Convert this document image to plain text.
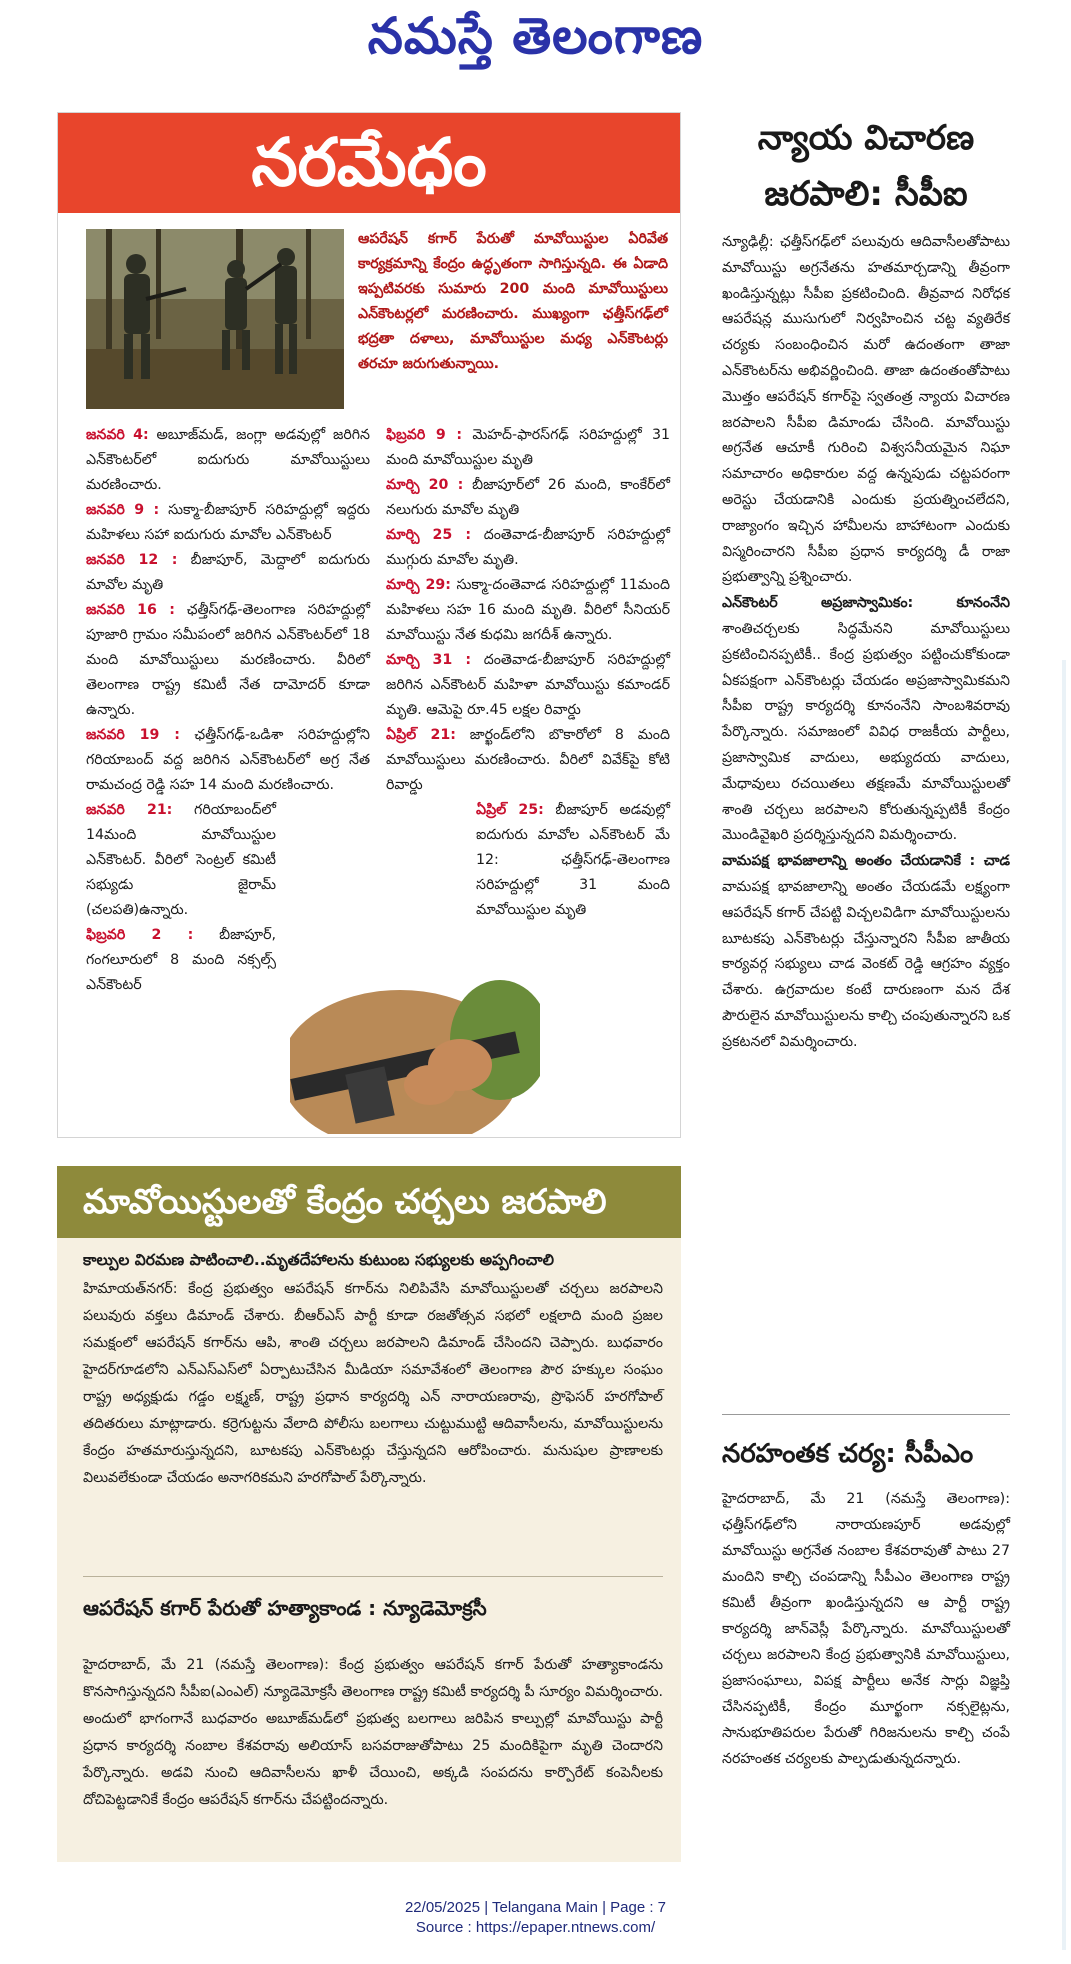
నమస్తే తెలంగాణ
నరమేధం
ఆపరేషన్ కగార్ పేరుతో మావోయిస్టుల ఏరివేత కార్యక్రమాన్ని కేంద్రం ఉద్ధృతంగా సాగిస్తున్నది. ఈ ఏడాది ఇప్పటివరకు సుమారు 200 మంది మావోయిస్టులు ఎన్‌కౌంటర్లలో మరణించారు. ముఖ్యంగా ఛత్తీస్‌గఢ్‌లో భద్రతా దళాలు, మావోయిస్టుల మధ్య ఎన్‌కౌంటర్లు తరచూ జరుగుతున్నాయి.

జనవరి 4: అబూజ్‌మడ్, జంగ్లా అడవుల్లో జరిగిన ఎన్‌కౌంటర్‌లో ఐదుగురు మావోయిస్టులు మరణించారు.

జనవరి 9 : సుక్మా-బీజాపూర్ సరిహద్దుల్లో ఇద్దరు మహిళలు సహా ఐదుగురు మావోల ఎన్‌కౌంటర్

జనవరి 12 : బీజాపూర్, మెద్దాలో ఐదుగురు మావోల మృతి

జనవరి 16 : ఛత్తీస్‌గఢ్-తెలంగాణ సరిహద్దుల్లో పూజారి గ్రామం సమీపంలో జరిగిన ఎన్‌కౌంటర్‌లో 18 మంది మావోయిస్టులు మరణించారు. వీరిలో తెలంగాణ రాష్ట్ర కమిటీ నేత దామోదర్ కూడా ఉన్నారు.

జనవరి 19 : ఛత్తీస్‌గఢ్-ఒడిశా సరిహద్దుల్లోని గరియాబంద్ వద్ద జరిగిన ఎన్‌కౌంటర్‌లో అగ్ర నేత రామచంద్ర రెడ్డి సహ 14 మంది మరణించారు.

జనవరి 21: గరియాబంద్‌లో 14మంది మావోయిస్టుల ఎన్‌కౌంటర్. వీరిలో సెంట్రల్ కమిటీ సభ్యుడు జైరామ్ (చలపతి)ఉన్నారు.

ఫిబ్రవరి 2 : బీజాపూర్, గంగలూరులో 8 మంది నక్సల్స్ ఎన్‌కౌంటర్

ఫిబ్రవరి 9 : మెహద్-ఫారస్‌గఢ్ సరిహద్దుల్లో 31 మంది మావోయిస్టుల మృతి

మార్చి 20 : బీజాపూర్‌లో 26 మంది, కాంకేర్‌లో నలుగురు మావోల మృతి

మార్చి 25 : దంతెవాడ-బీజాపూర్ సరిహద్దుల్లో ముగ్గురు మావోల మృతి.

మార్చి 29: సుక్మా-దంతెవాడ సరిహద్దుల్లో 11మంది మహిళలు సహ 16 మంది మృతి. వీరిలో సీనియర్ మావోయిస్టు నేత కుధమి జగదీశ్ ఉన్నారు.

మార్చి 31 : దంతెవాడ-బీజాపూర్ సరిహద్దుల్లో జరిగిన ఎన్‌కౌంటర్ మహిళా మావోయిస్టు కమాండర్ మృతి. ఆమెపై రూ.45 లక్షల రివార్డు

ఏప్రిల్ 21: జార్ఖండ్‌లోని బొకారోలో 8 మంది మావోయిస్టులు మరణించారు. వీరిలో వివేక్‌పై కోటి రివార్డు

ఏప్రిల్ 25: బీజాపూర్ అడవుల్లో ఐదుగురు మావోల ఎన్‌కౌంటర్ మే 12: ఛత్తీస్‌గఢ్-తెలంగాణ సరిహద్దుల్లో 31 మంది మావోయిస్టుల మృతి

మావోయిస్టులతో కేంద్రం చర్చలు జరపాలి
కాల్పుల విరమణ పాటించాలి..మృతదేహాలను కుటుంబ సభ్యులకు అప్పగించాలి
హిమాయత్‌నగర్: కేంద్ర ప్రభుత్వం ఆపరేషన్ కగార్‌ను నిలిపివేసి మావోయిస్టులతో చర్చలు జరపాలని పలువురు వక్తలు డిమాండ్ చేశారు. బీఆర్‌ఎస్ పార్టీ కూడా రజతోత్సవ సభలో లక్షలాది మంది ప్రజల సమక్షంలో ఆపరేషన్ కగార్‌ను ఆపి, శాంతి చర్చలు జరపాలని డిమాండ్ చేసిందని చెప్పారు. బుధవారం హైదర్‌గూడలోని ఎన్‌ఎస్‌ఎస్‌లో ఏర్పాటుచేసిన మీడియా సమావేశంలో తెలంగాణ పౌర హక్కుల సంఘం రాష్ట్ర అధ్యక్షుడు గడ్డం లక్ష్మణ్, రాష్ట్ర ప్రధాన కార్యదర్శి ఎన్ నారాయణరావు, ప్రొఫెసర్ హరగోపాల్ తదితరులు మాట్లాడారు. కర్రెగుట్టను వేలాది పోలీసు బలగాలు చుట్టుముట్టి ఆదివాసీలను, మావోయిస్టులను కేంద్రం హతమారుస్తున్నదని, బూటకపు ఎన్‌కౌంటర్లు చేస్తున్నదని ఆరోపించారు. మనుషుల ప్రాణాలకు విలువలేకుండా చేయడం అనాగరికమని హరగోపాల్ పేర్కొన్నారు.
ఆపరేషన్ కగార్ పేరుతో హత్యాకాండ : న్యూడెమోక్రసీ
హైదరాబాద్, మే 21 (నమస్తే తెలంగాణ): కేంద్ర ప్రభుత్వం ఆపరేషన్ కగార్ పేరుతో హత్యాకాండను కొనసాగిస్తున్నదని సీపీఐ(ఎంఎల్) న్యూడెమోక్రసీ తెలంగాణ రాష్ట్ర కమిటీ కార్యదర్శి పీ సూర్యం విమర్శించారు. అందులో భాగంగానే బుధవారం అబూజ్‌మడ్‌లో ప్రభుత్వ బలగాలు జరిపిన కాల్పుల్లో మావోయిస్టు పార్టీ ప్రధాన కార్యదర్శి నంబాల కేశవరావు అలియాస్ బసవరాజుతోపాటు 25 మందికిపైగా మృతి చెందారని పేర్కొన్నారు. అడవి నుంచి ఆదివాసీలను ఖాళీ చేయించి, అక్కడి సంపదను కార్పొరేట్ కంపెనీలకు దోచిపెట్టడానికే కేంద్రం ఆపరేషన్ కగార్‌ను చేపట్టిందన్నారు.
న్యాయ విచారణ జరపాలి: సీపీఐ

న్యూఢిల్లీ: ఛత్తీస్‌గఢ్‌లో పలువురు ఆదివాసీలతోపాటు మావోయిస్టు అగ్రనేతను హతమార్చడాన్ని తీవ్రంగా ఖండిస్తున్నట్లు సీపీఐ ప్రకటించింది. తీవ్రవాద నిరోధక ఆపరేషన్ల ముసుగులో నిర్వహించిన చట్ట వ్యతిరేక చర్యకు సంబంధించిన మరో ఉదంతంగా తాజా ఎన్‌కౌంటర్‌ను అభివర్ణించింది. తాజా ఉదంతంతోపాటు మొత్తం ఆపరేషన్ కగార్‌పై స్వతంత్ర న్యాయ విచారణ జరపాలని సీపీఐ డిమాండు చేసింది. మావోయిస్టు అగ్రనేత ఆచూకీ గురించి విశ్వసనీయమైన నిఘా సమాచారం అధికారుల వద్ద ఉన్నపుడు చట్టపరంగా అరెస్టు చేయడానికి ఎందుకు ప్రయత్నించలేదని, రాజ్యాంగం ఇచ్చిన హామీలను బాహాటంగా ఎందుకు విస్మరించారని సీపీఐ ప్రధాన కార్యదర్శి డీ రాజా ప్రభుత్వాన్ని ప్రశ్నించారు.

ఎన్‌కౌంటర్ అప్రజాస్వామికం: కూనంనేని శాంతిచర్చలకు సిద్ధమేనని మావోయిస్టులు ప్రకటించినప్పటికీ.. కేంద్ర ప్రభుత్వం పట్టించుకోకుండా ఏకపక్షంగా ఎన్‌కౌంటర్లు చేయడం అప్రజాస్వామికమని సీపీఐ రాష్ట్ర కార్యదర్శి కూనంనేని సాంబశివరావు పేర్కొన్నారు. సమాజంలో వివిధ రాజకీయ పార్టీలు, ప్రజాస్వామిక వాదులు, అభ్యుదయ వాదులు, మేధావులు రచయితలు తక్షణమే మావోయిస్టులతో శాంతి చర్చలు జరపాలని కోరుతున్నప్పటికీ కేంద్రం మొండివైఖరి ప్రదర్శిస్తున్నదని విమర్శించారు.

వామపక్ష భావజాలాన్ని అంతం చేయడానికే : చాడ వామపక్ష భావజాలాన్ని అంతం చేయడమే లక్ష్యంగా ఆపరేషన్ కగార్ చేపట్టి విచ్చలవిడిగా మావోయిస్టులను బూటకపు ఎన్‌కౌంటర్లు చేస్తున్నారని సీపీఐ జాతీయ కార్యవర్గ సభ్యులు చాడ వెంకట్ రెడ్డి ఆగ్రహం వ్యక్తం చేశారు. ఉగ్రవాదుల కంటే దారుణంగా మన దేశ పౌరులైన మావోయిస్టులను కాల్చి చంపుతున్నారని ఒక ప్రకటనలో విమర్శించారు.

నరహంతక చర్య: సీపీఎం
హైదరాబాద్, మే 21 (నమస్తే తెలంగాణ): ఛత్తీస్‌గఢ్‌లోని నారాయణపూర్ అడవుల్లో మావోయిస్టు అగ్రనేత నంబాల కేశవరావుతో పాటు 27 మందిని కాల్చి చంపడాన్ని సీపీఎం తెలంగాణ రాష్ట్ర కమిటీ తీవ్రంగా ఖండిస్తున్నదని ఆ పార్టీ రాష్ట్ర కార్యదర్శి జాన్‌వెస్లీ పేర్కొన్నారు. మావోయిస్టులతో చర్చలు జరపాలని కేంద్ర ప్రభుత్వానికి మావోయిస్టులు, ప్రజాసంఘాలు, విపక్ష పార్టీలు అనేక సార్లు విజ్ఞప్తి చేసినప్పటికీ, కేంద్రం మూర్ఖంగా నక్సలైట్లను, సానుభూతిపరుల పేరుతో గిరిజనులను కాల్చి చంపే నరహంతక చర్యలకు పాల్పడుతున్నదన్నారు.
22/05/2025 | Telangana Main | Page : 7
Source : https://epaper.ntnews.com/
